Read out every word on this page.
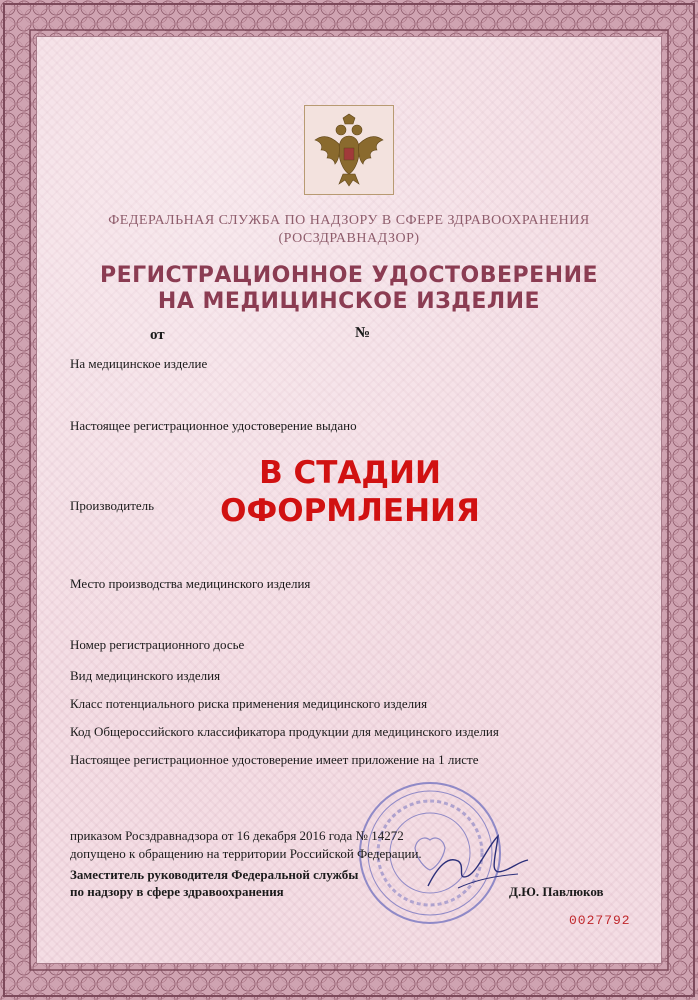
ФЕДЕРАЛЬНАЯ СЛУЖБА ПО НАДЗОРУ В СФЕРЕ ЗДРАВООХРАНЕНИЯ
(РОСЗДРАВНАДЗОР)
РЕГИСТРАЦИОННОЕ УДОСТОВЕРЕНИЕ
НА МЕДИЦИНСКОЕ ИЗДЕЛИЕ
от	№
На медицинское изделие
Настоящее регистрационное удостоверение выдано
Производитель
В СТАДИИ
ОФОРМЛЕНИЯ
Место производства медицинского изделия
Номер регистрационного досье
Вид медицинского изделия
Класс потенциального риска применения медицинского изделия
Код Общероссийского классификатора продукции для медицинского изделия
Настоящее регистрационное удостоверение имеет приложение на 1 листе
приказом Росздравнадзора от 16 декабря 2016 года № 14272
допущено к обращению на территории Российской Федерации.
Заместитель руководителя Федеральной службы
по надзору в сфере здравоохранения	Д.Ю. Павлюков
0027792
